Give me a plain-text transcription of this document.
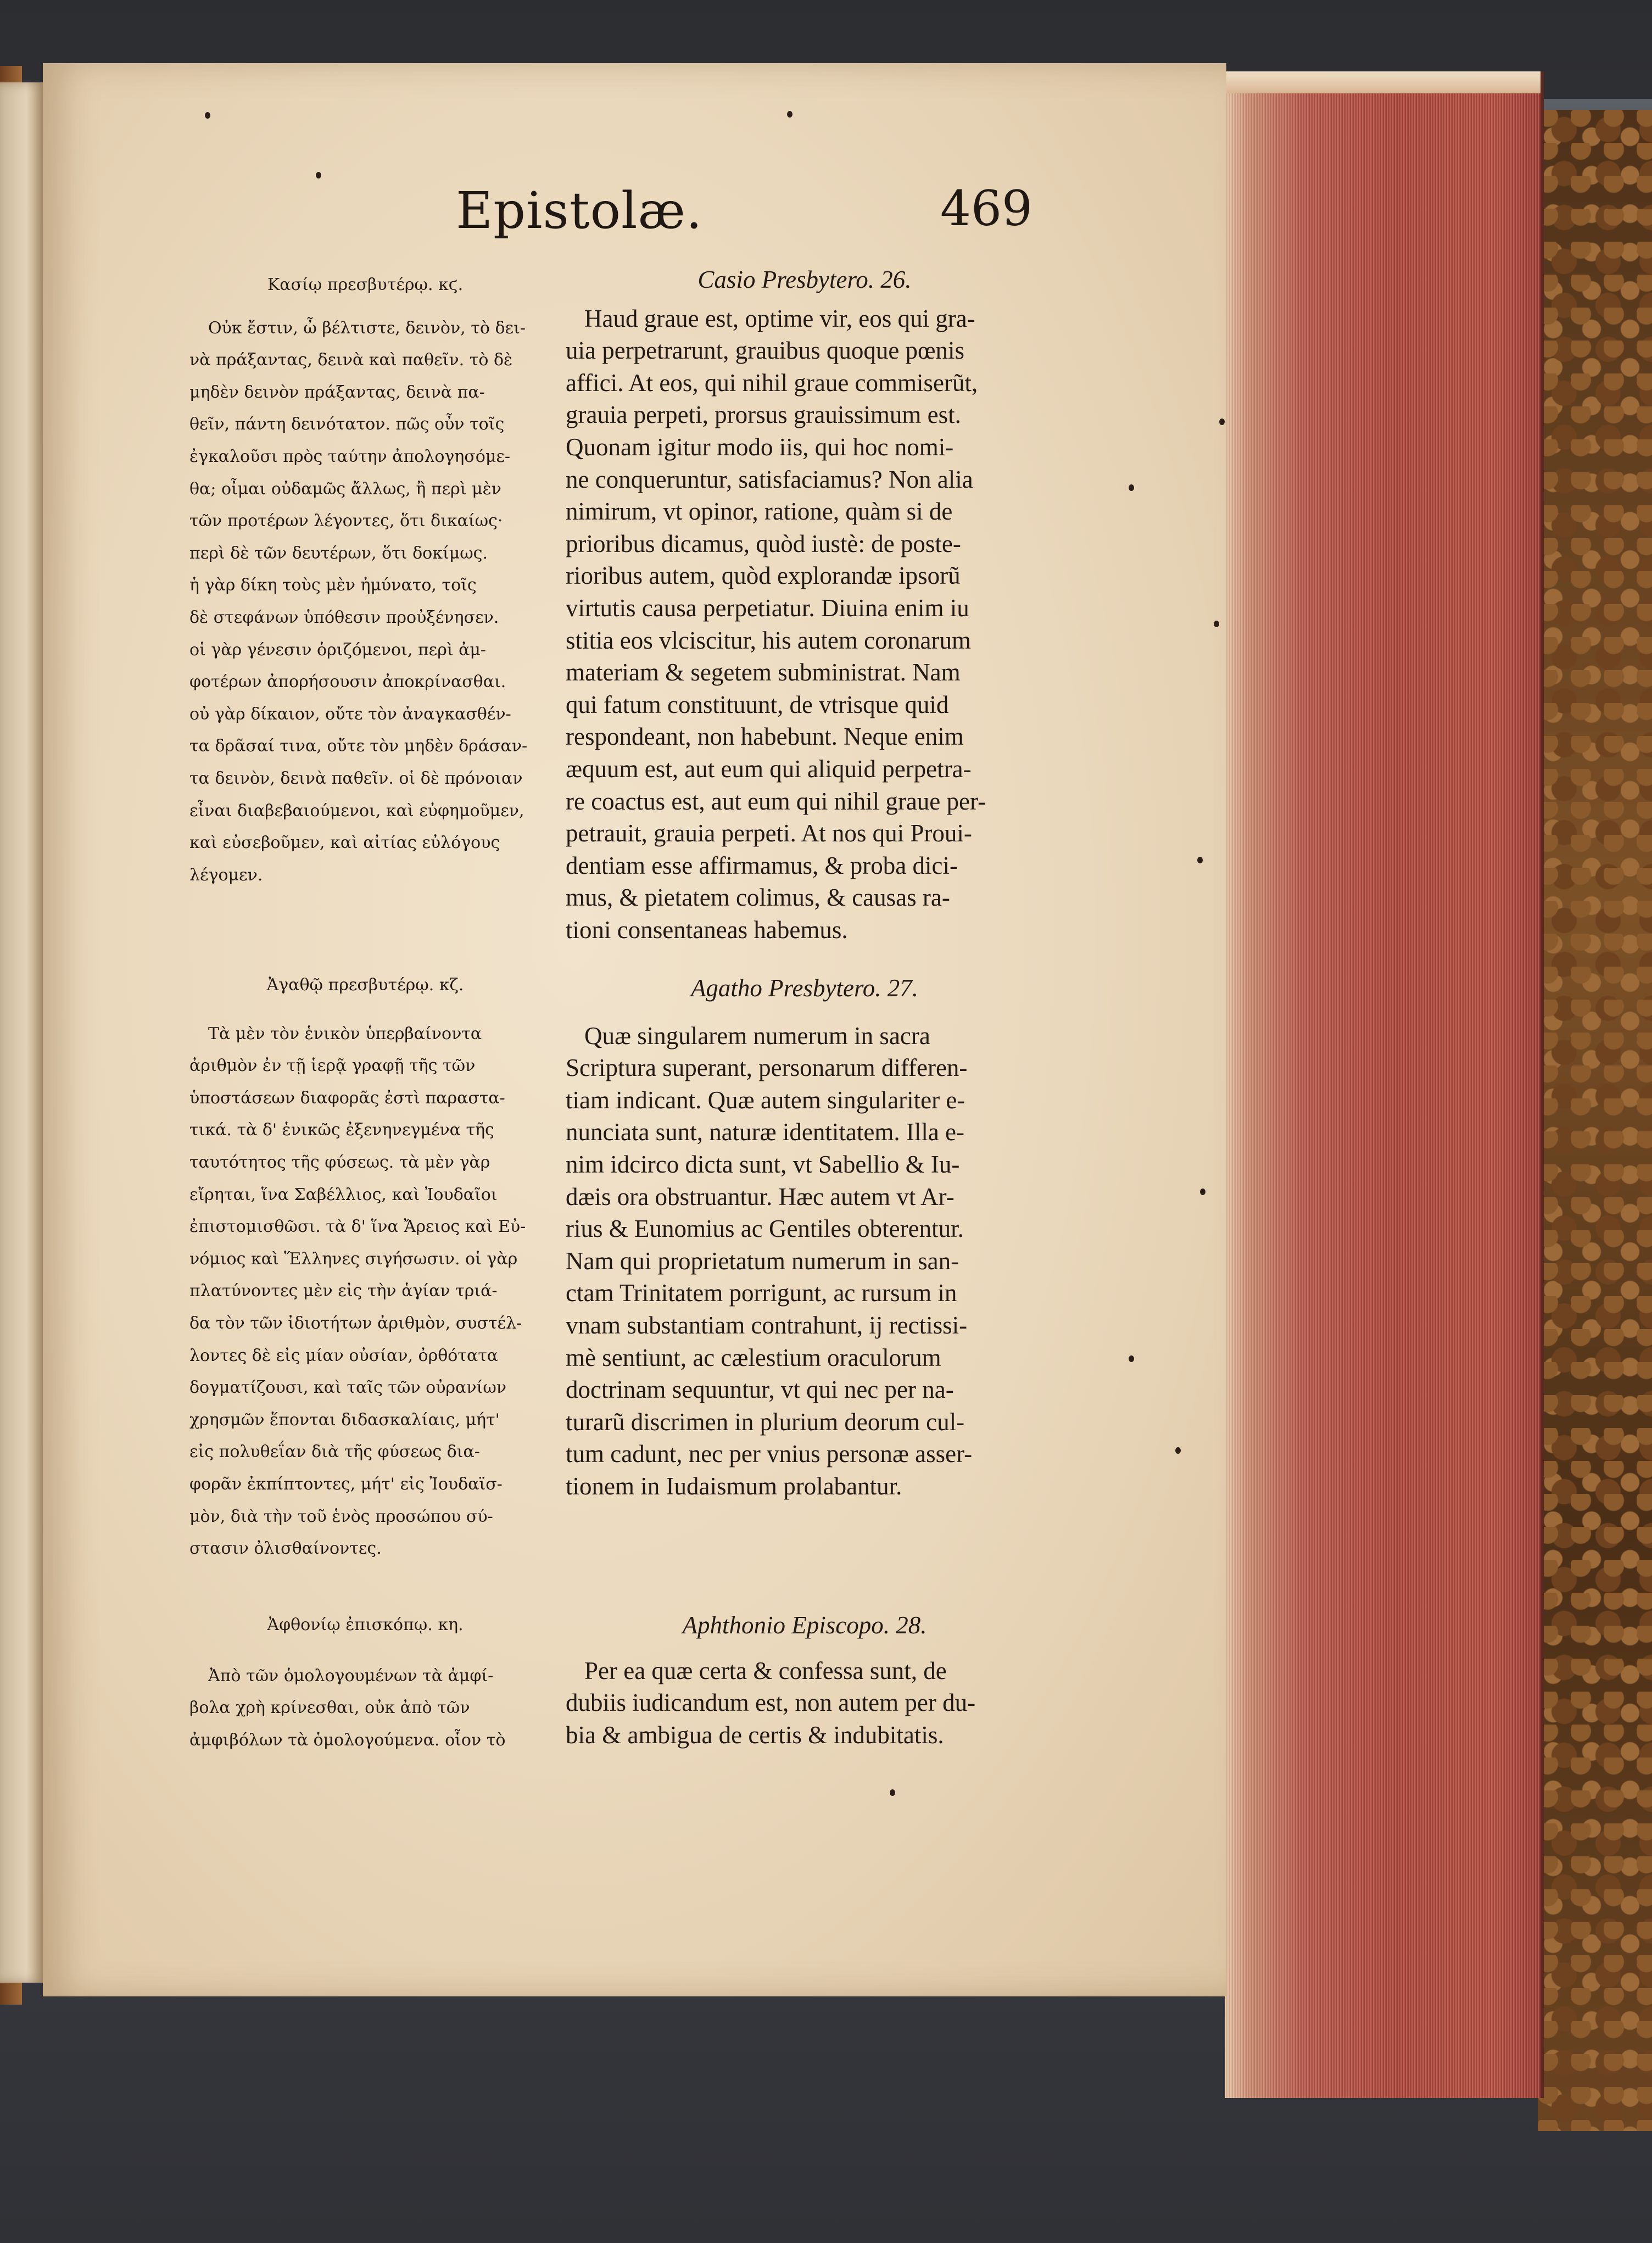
Epistolæ.	469
Κασίῳ πρεσβυτέρῳ. κϛ.
Οὐκ ἔστιν, ὦ βέλτιστε, δεινὸν, τὸ δει-
νὰ πράξαντας, δεινὰ καὶ παθεῖν. τὸ δὲ
μηδὲν δεινὸν πράξαντας, δεινὰ πα-
θεῖν, πάντη δεινότατον. πῶς οὖν τοῖς
ἐγκαλοῦσι πρὸς ταύτην ἀπολογησόμε-
θα; οἶμαι οὐδαμῶς ἄλλως, ἢ περὶ μὲν
τῶν προτέρων λέγοντες, ὅτι δικαίως·
περὶ δὲ τῶν δευτέρων, ὅτι δοκίμως.
ἡ γὰρ δίκη τοὺς μὲν ἠμύνατο, τοῖς
δὲ στεφάνων ὑπόθεσιν προὐξένησεν.
οἱ γὰρ γένεσιν ὁριζόμενοι, περὶ ἀμ-
φοτέρων ἀπορήσουσιν ἀποκρίνασθαι.
οὐ γὰρ δίκαιον, οὔτε τὸν ἀναγκασθέν-
τα δρᾶσαί τινα, οὔτε τὸν μηδὲν δράσαν-
τα δεινὸν, δεινὰ παθεῖν. οἱ δὲ πρόνοιαν
εἶναι διαβεβαιούμενοι, καὶ εὐφημοῦμεν,
καὶ εὐσεβοῦμεν, καὶ αἰτίας εὐλόγους
λέγομεν.
Ἀγαθῷ πρεσβυτέρῳ. κζ.
Τὰ μὲν τὸν ἑνικὸν ὑπερβαίνοντα
ἀριθμὸν ἐν τῇ ἱερᾷ γραφῇ τῆς τῶν
ὑποστάσεων διαφορᾶς ἐστὶ παραστα-
τικά. τὰ δ' ἑνικῶς ἐξενηνεγμένα τῆς
ταυτότητος τῆς φύσεως. τὰ μὲν γὰρ
εἴρηται, ἵνα Σαβέλλιος, καὶ Ἰουδαῖοι
ἐπιστομισθῶσι. τὰ δ' ἵνα Ἄρειος καὶ Εὐ-
νόμιος καὶ Ἕλληνες σιγήσωσιν. οἱ γὰρ
πλατύνοντες μὲν εἰς τὴν ἁγίαν τριά-
δα τὸν τῶν ἰδιοτήτων ἀριθμὸν, συστέλ-
λοντες δὲ εἰς μίαν οὐσίαν, ὀρθότατα
δογματίζουσι, καὶ ταῖς τῶν οὐρανίων
χρησμῶν ἕπονται διδασκαλίαις, μήτ'
εἰς πολυθεΐαν διὰ τῆς φύσεως δια-
φορᾶν ἐκπίπτοντες, μήτ' εἰς Ἰουδαϊσ-
μὸν, διὰ τὴν τοῦ ἑνὸς προσώπου σύ-
στασιν ὀλισθαίνοντες.
Ἀφθονίῳ ἐπισκόπῳ. κη.
Ἀπὸ τῶν ὁμολογουμένων τὰ ἀμφί-
βολα χρὴ κρίνεσθαι, οὐκ ἀπὸ τῶν
ἀμφιβόλων τὰ ὁμολογούμενα. οἷον τὸ
Casio Presbytero. 26.
Haud graue est, optime vir, eos qui gra-
uia perpetrarunt, grauibus quoque pœnis
affici. At eos, qui nihil graue commiserũt,
grauia perpeti, prorsus grauissimum est.
Quonam igitur modo iis, qui hoc nomi-
ne conqueruntur, satisfaciamus? Non alia
nimirum, vt opinor, ratione, quàm si de
prioribus dicamus, quòd iustè: de poste-
rioribus autem, quòd explorandæ ipsorũ
virtutis causa perpetiatur. Diuina enim iu
stitia eos vlciscitur, his autem coronarum
materiam & segetem subministrat. Nam
qui fatum constituunt, de vtrisque quid
respondeant, non habebunt. Neque enim
æquum est, aut eum qui aliquid perpetra-
re coactus est, aut eum qui nihil graue per-
petrauit, grauia perpeti. At nos qui Proui-
dentiam esse affirmamus, & proba dici-
mus, & pietatem colimus, & causas ra-
tioni consentaneas habemus.
Agatho Presbytero. 27.
Quæ singularem numerum in sacra
Scriptura superant, personarum differen-
tiam indicant. Quæ autem singulariter e-
nunciata sunt, naturæ identitatem. Illa e-
nim idcirco dicta sunt, vt Sabellio & Iu-
dæis ora obstruantur. Hæc autem vt Ar-
rius & Eunomius ac Gentiles obterentur.
Nam qui proprietatum numerum in san-
ctam Trinitatem porrigunt, ac rursum in
vnam substantiam contrahunt, ij rectissi-
mè sentiunt, ac cælestium oraculorum
doctrinam sequuntur, vt qui nec per na-
turarũ discrimen in plurium deorum cul-
tum cadunt, nec per vnius personæ asser-
tionem in Iudaismum prolabantur.
Aphthonio Episcopo. 28.
Per ea quæ certa & confessa sunt, de
dubiis iudicandum est, non autem per du-
bia & ambigua de certis & indubitatis.
